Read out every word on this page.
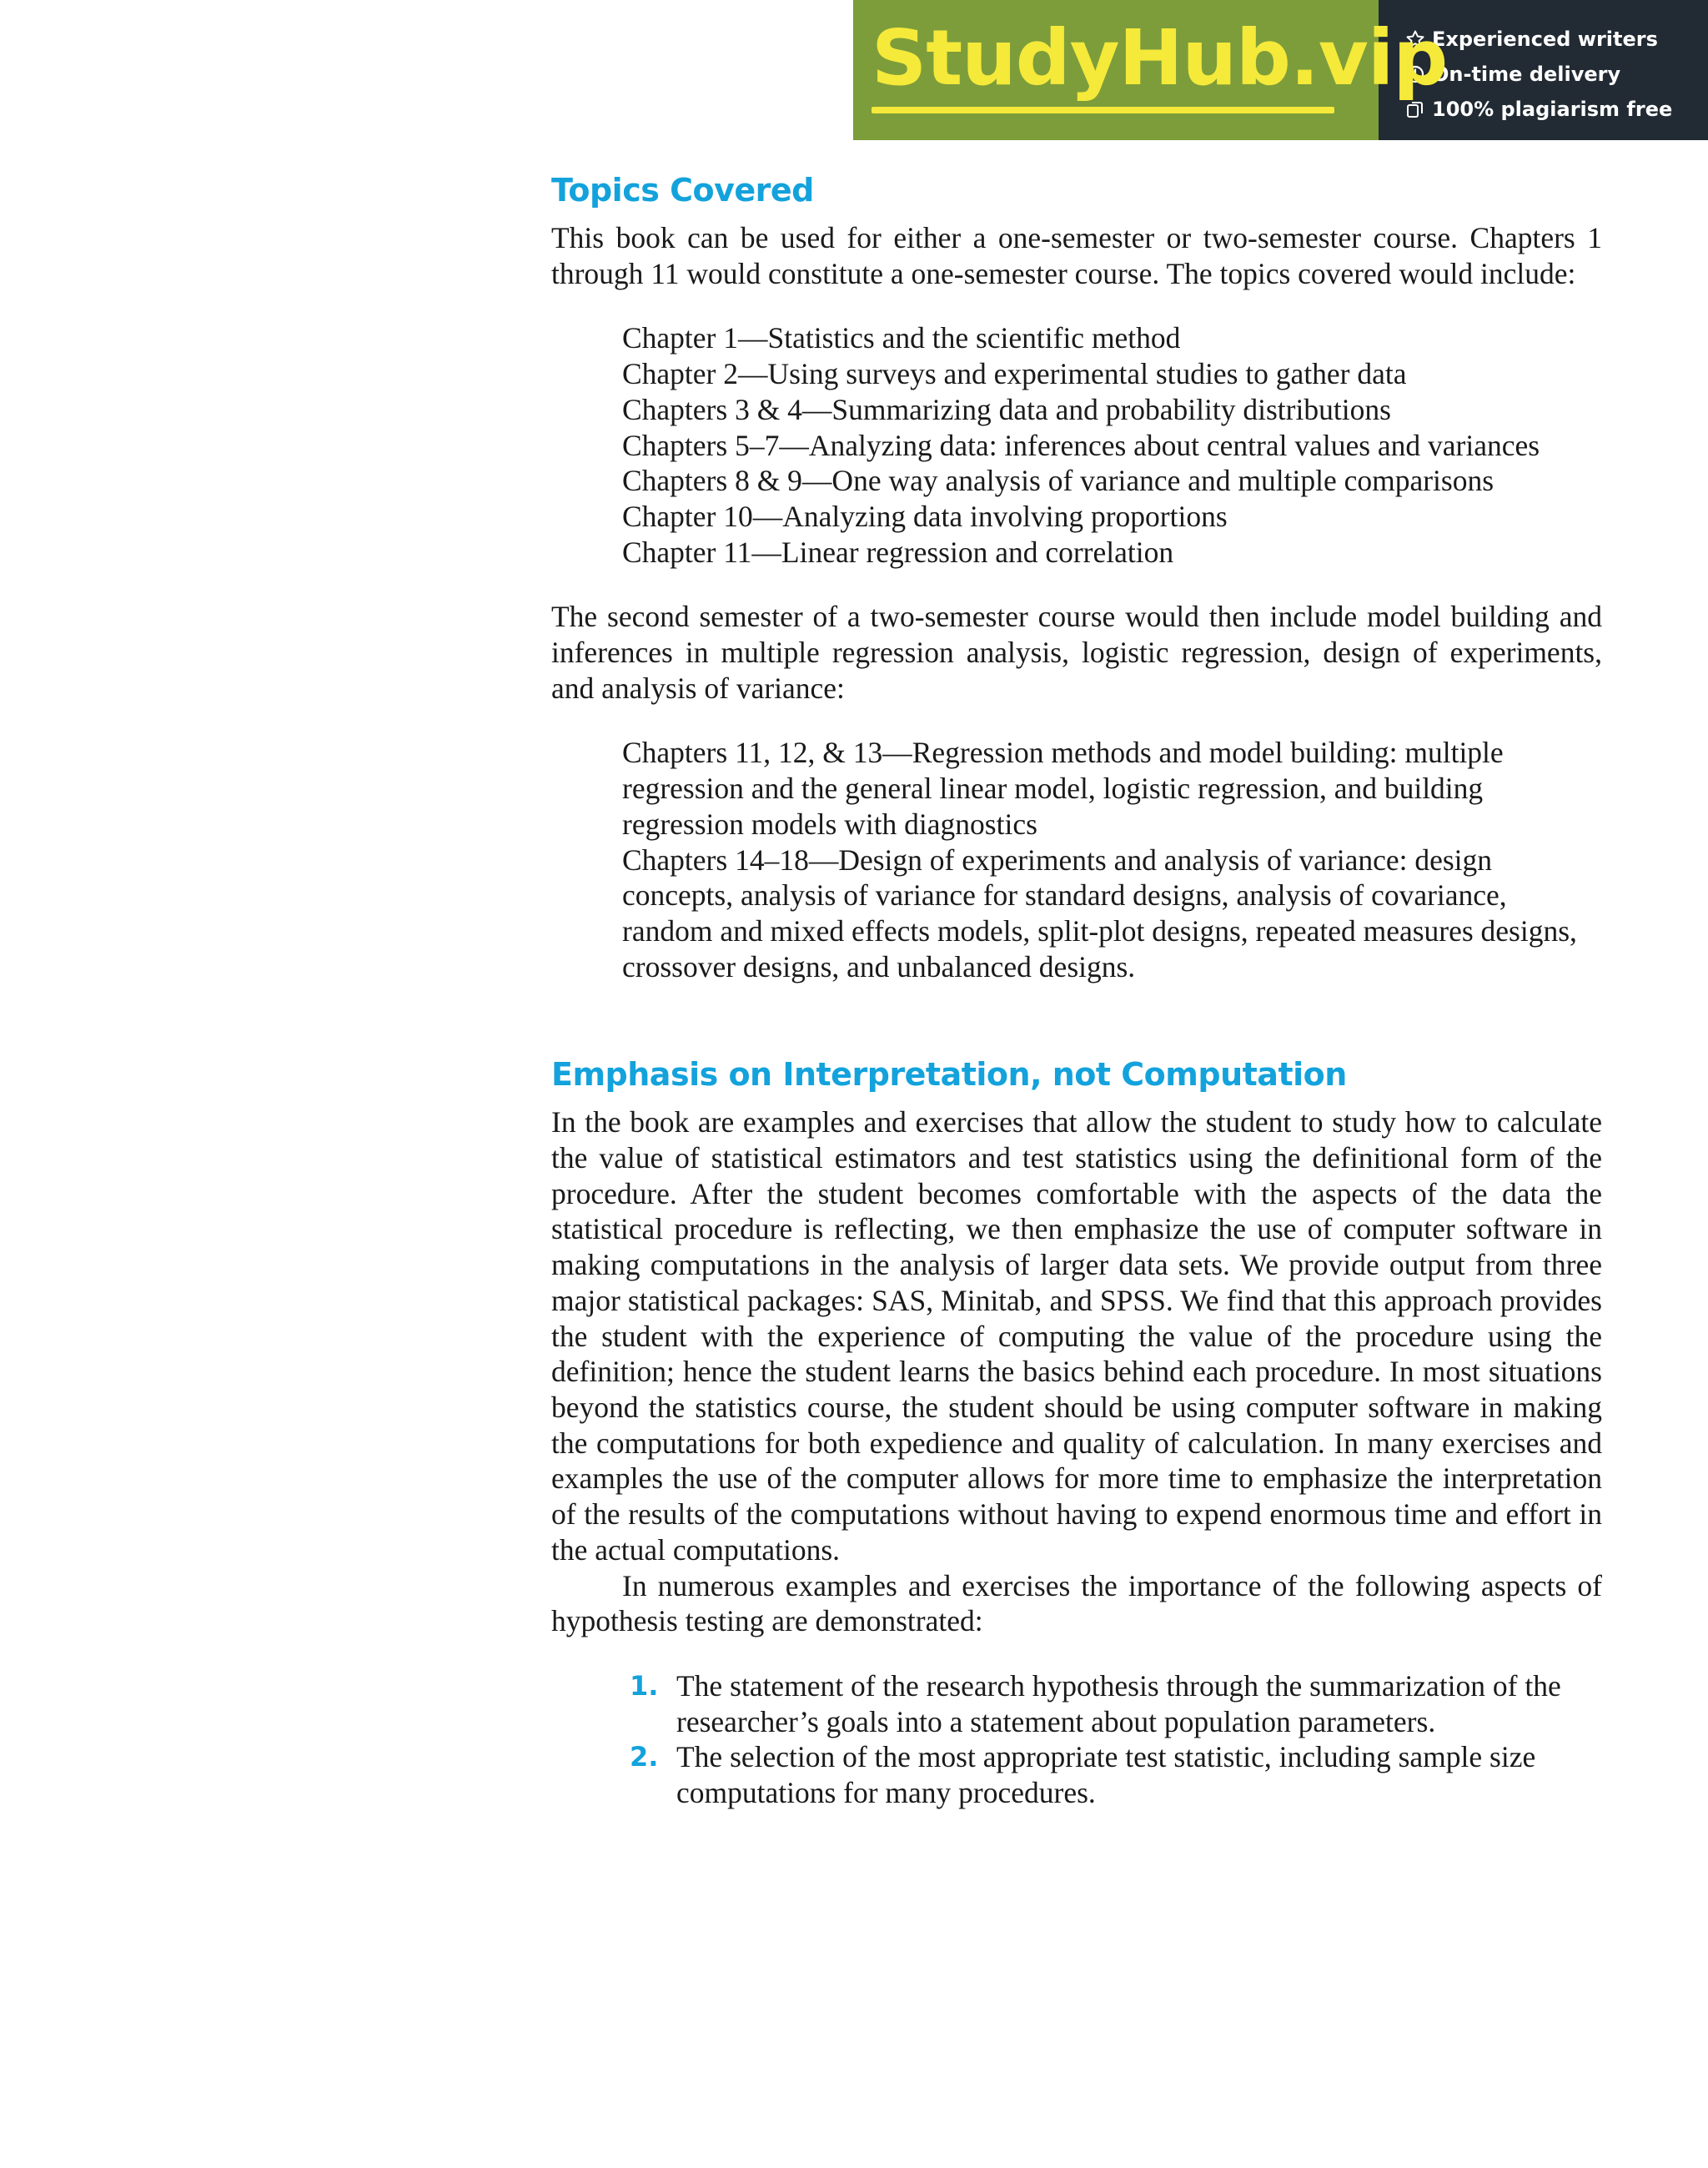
StudyHub.vip
Experienced writers
On-time delivery
100% plagiarism free
Topics Covered

This book can be used for either a one-semester or two-semester course. Chapters 1 through 11 would constitute a one-semester course. The topics covered would include:

Chapter 1—Statistics and the scientific method
Chapter 2—Using surveys and experimental studies to gather data
Chapters 3 & 4—Summarizing data and probability distributions
Chapters 5–7—Analyzing data: inferences about central values and variances
Chapters 8 & 9—One way analysis of variance and multiple comparisons
Chapter 10—Analyzing data involving proportions
Chapter 11—Linear regression and correlation

The second semester of a two-semester course would then include model building and inferences in multiple regression analysis, logistic regression, design of experiments, and analysis of variance:

Chapters 11, 12, & 13—Regression methods and model building: multiple regression and the general linear model, logistic regression, and building regression models with diagnostics
Chapters 14–18—Design of experiments and analysis of variance: design concepts, analysis of variance for standard designs, analysis of covariance, random and mixed effects models, split-plot designs, repeated measures designs, crossover designs, and unbalanced designs.
Emphasis on Interpretation, not Computation

In the book are examples and exercises that allow the student to study how to calculate the value of statistical estimators and test statistics using the definitional form of the procedure. After the student becomes comfortable with the aspects of the data the statistical procedure is reflecting, we then emphasize the use of computer software in making computations in the analysis of larger data sets. We provide output from three major statistical packages: SAS, Minitab, and SPSS. We find that this approach provides the student with the experience of computing the value of the procedure using the definition; hence the student learns the basics behind each procedure. In most situations beyond the statistics course, the student should be using computer software in making the computations for both expedience and quality of calculation. In many exercises and examples the use of the computer allows for more time to emphasize the interpretation of the results of the computations without having to expend enormous time and effort in the actual computations.

In numerous examples and exercises the importance of the following aspects of hypothesis testing are demonstrated:

1. The statement of the research hypothesis through the summarization of the researcher’s goals into a statement about population parameters.
2. The selection of the most appropriate test statistic, including sample size computations for many procedures.
